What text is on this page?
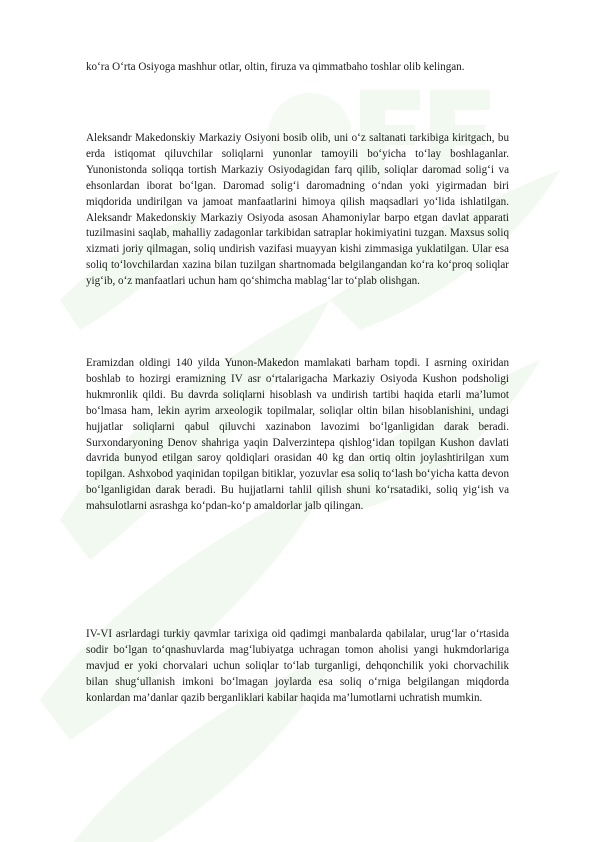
ko‘ra O‘rta Osiyoga mashhur otlar, oltin, firuza va qimmatbaho toshlar olib kelingan.

Aleksandr Makedonskiy Markaziy Osiyoni bosib olib, uni o‘z saltanati tarkibiga kiritgach, bu erda istiqomat qiluvchilar soliqlarni yunonlar tamoyili bo‘yicha to‘lay boshlaganlar. Yunonistonda soliqqa tortish Markaziy Osiyodagidan farq qilib, soliqlar daromad solig‘i va ehsonlardan iborat bo‘lgan. Daromad solig‘i daromadning o‘ndan yoki yigirmadan biri miqdorida undirilgan va jamoat manfaatlarini himoya qilish maqsadlari yo‘lida ishlatilgan. Aleksandr Makedonskiy Markaziy Osiyoda asosan Ahamoniylar barpo etgan davlat apparati tuzilmasini saqlab, mahalliy zadagonlar tarkibidan satraplar hokimiyatini tuzgan. Maxsus soliq xizmati joriy qilmagan, soliq undirish vazifasi muayyan kishi zimmasiga yuklatilgan. Ular esa soliq to‘lovchilardan xazina bilan tuzilgan shartnomada belgilangandan ko‘ra ko‘proq soliqlar yig‘ib, o‘z manfaatlari uchun ham qo‘shimcha mablag‘lar to‘plab olishgan.

Eramizdan oldingi 140 yilda Yunon-Makedon mamlakati barham topdi. I asrning oxiridan boshlab to hozirgi eramizning IV asr o‘rtalarigacha Markaziy Osiyoda Kushon podsholigi hukmronlik qildi. Bu davrda soliqlarni hisoblash va undirish tartibi haqida etarli ma’lumot bo‘lmasa ham, lekin ayrim arxeologik topilmalar, soliqlar oltin bilan hisoblanishini, undagi hujjatlar soliqlarni qabul qiluvchi xazinabon lavozimi bo‘lganligidan darak beradi. Surxondaryoning Denov shahriga yaqin Dalverzintepa qishlog‘idan topilgan Kushon davlati davrida bunyod etilgan saroy qoldiqlari orasidan 40 kg dan ortiq oltin joylashtirilgan xum topilgan. Ashxobod yaqinidan topilgan bitiklar, yozuvlar esa soliq to‘lash bo‘yicha katta devon bo‘lganligidan darak beradi. Bu hujjatlarni tahlil qilish shuni ko‘rsatadiki, soliq yig‘ish va mahsulotlarni asrashga ko‘pdan-ko‘p amaldorlar jalb qilingan.

IV-VI asrlardagi turkiy qavmlar tarixiga oid qadimgi manbalarda qabilalar, urug‘lar o‘rtasida sodir bo‘lgan to‘qnashuvlarda mag‘lubiyatga uchragan tomon aholisi yangi hukmdorlariga mavjud er yoki chorvalari uchun soliqlar to‘lab turganligi, dehqonchilik yoki chorvachilik bilan shug‘ullanish imkoni bo‘lmagan joylarda esa soliq o‘rniga belgilangan miqdorda konlardan ma’danlar qazib berganliklari kabilar haqida ma’lumotlarni uchratish mumkin.
